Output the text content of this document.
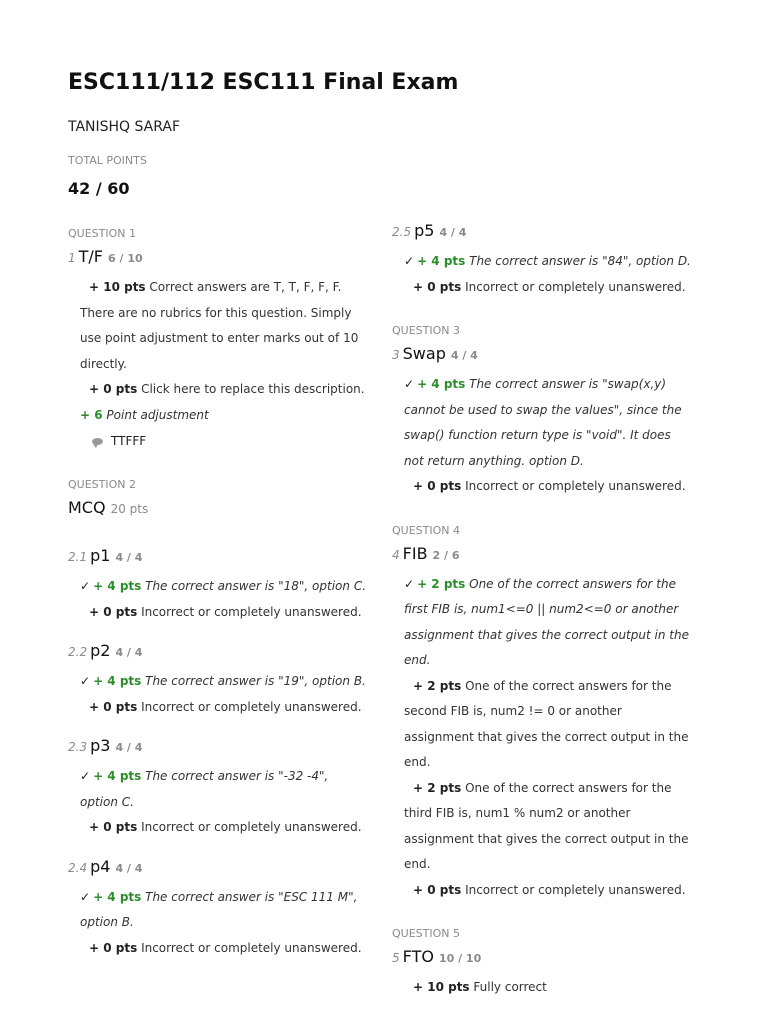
ESC111/112 ESC111 Final Exam
TANISHQ SARAF
TOTAL POINTS
42 / 60
QUESTION 1
1 T/F 6 / 10

+ 10 pts Correct answers are T, T, F, F, F. There are no rubrics for this question. Simply use point adjustment to enter marks out of 10 directly.

+ 0 pts Click here to replace this description.

+ 6 Point adjustment

TTFFF
QUESTION 2
MCQ 20 pts
2.1 p1 4 / 4

✓ + 4 pts The correct answer is "18", option C.

+ 0 pts Incorrect or completely unanswered.

2.2 p2 4 / 4

✓ + 4 pts The correct answer is "19", option B.

+ 0 pts Incorrect or completely unanswered.

2.3 p3 4 / 4

✓ + 4 pts The correct answer is "-32 -4", option C.

+ 0 pts Incorrect or completely unanswered.

2.4 p4 4 / 4

✓ + 4 pts The correct answer is "ESC 111 M", option B.

+ 0 pts Incorrect or completely unanswered.

2.5 p5 4 / 4

✓ + 4 pts The correct answer is "84", option D.

+ 0 pts Incorrect or completely unanswered.

QUESTION 3
3 Swap 4 / 4

✓ + 4 pts The correct answer is "swap(x,y) cannot be used to swap the values", since the swap() function return type is "void". It does not return anything. option D.

+ 0 pts Incorrect or completely unanswered.

QUESTION 4
4 FIB 2 / 6

✓ + 2 pts One of the correct answers for the first FIB is, num1<=0 || num2<=0 or another assignment that gives the correct output in the end.

+ 2 pts One of the correct answers for the second FIB is, num2 != 0 or another assignment that gives the correct output in the end.

+ 2 pts One of the correct answers for the third FIB is, num1 % num2 or another assignment that gives the correct output in the end.

+ 0 pts Incorrect or completely unanswered.

QUESTION 5
5 FTO 10 / 10

+ 10 pts Fully correct
